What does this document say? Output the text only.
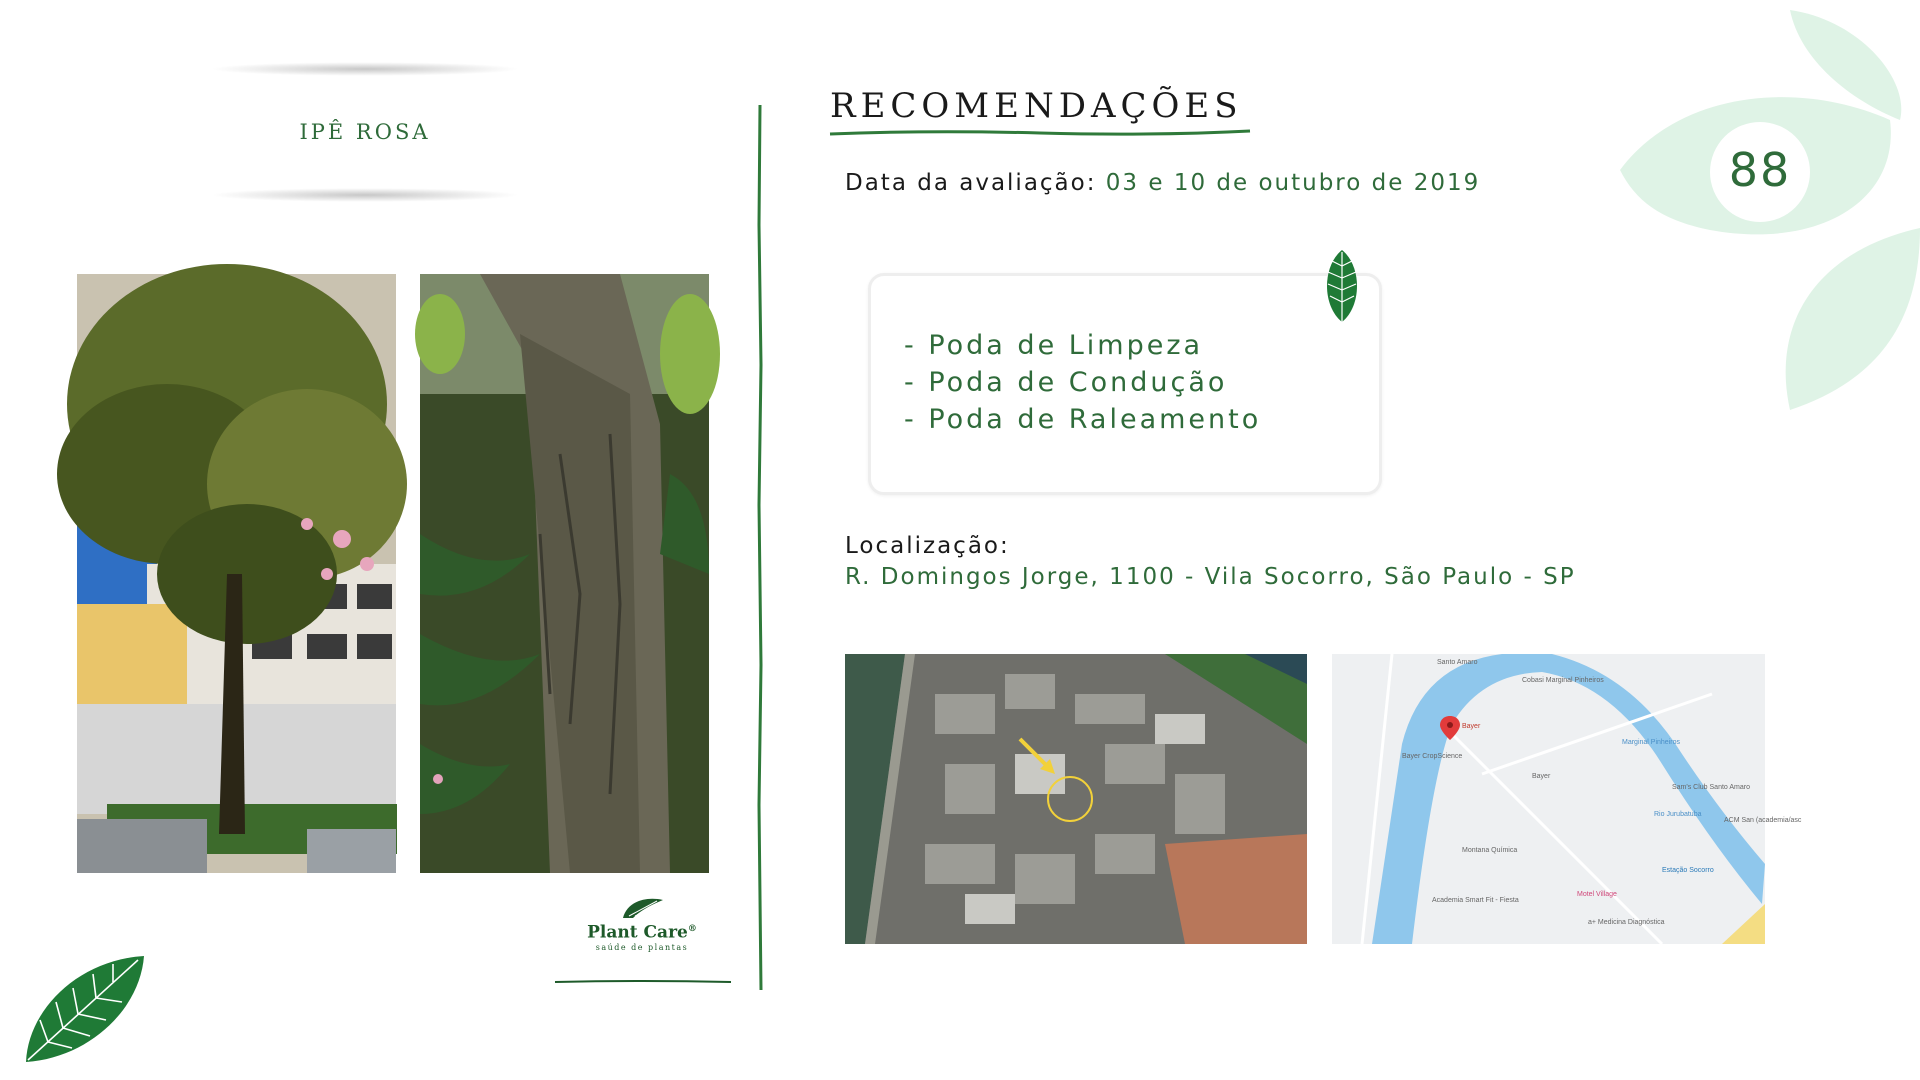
IPÊ ROSA
RECOMENDAÇÕES
Data da avaliação: 03 e 10 de outubro de 2019
- Poda de Limpeza
- Poda de Condução
- Poda de Raleamento
Localização:
R. Domingos Jorge, 1100 - Vila Socorro, São Paulo - SP
Santo Amaro
Cobasi Marginal Pinheiros
Bayer
Bayer CropScience
Bayer
Sam's Club Santo Amaro
ACM San (academia/asc
Montana Química
Motel Village
Estação Socorro
Academia Smart Fit - Fiesta
a+ Medicina Diagnóstica
Marginal Pinheiros
Rio Jurubatuba
88
Plant Care®
saúde de plantas
